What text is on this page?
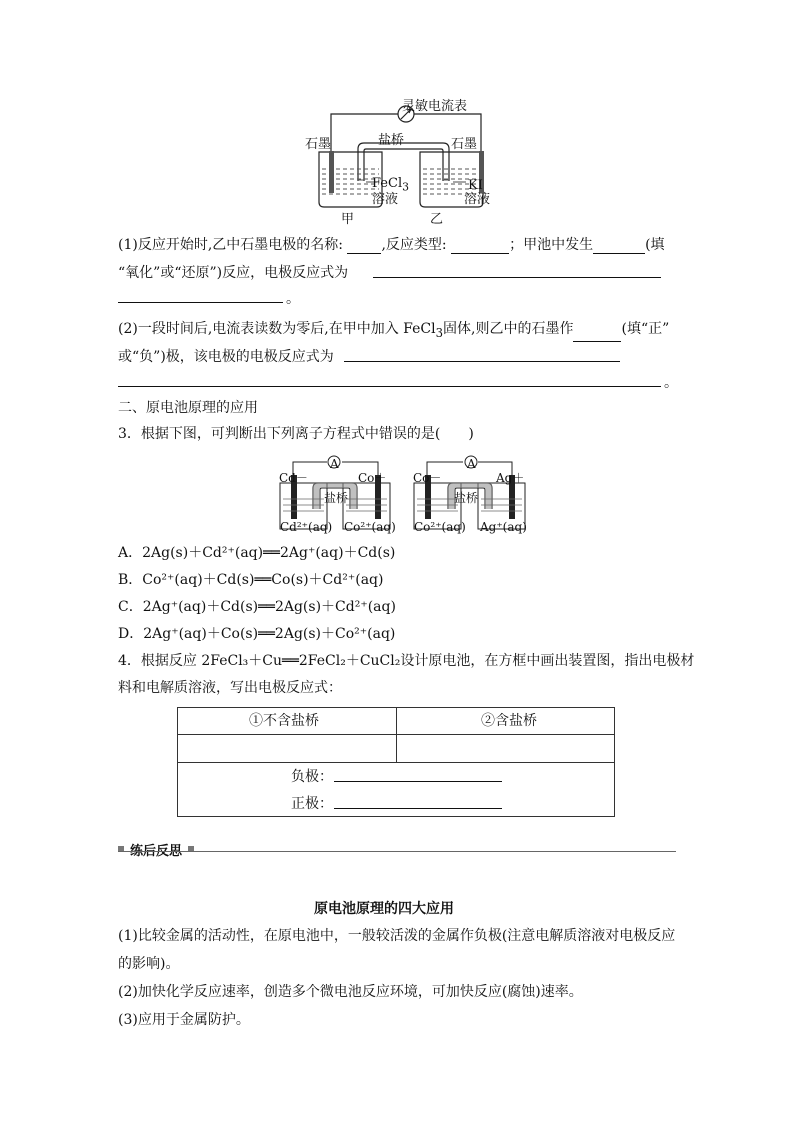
灵敏电流表
石墨	石墨
盐桥
FeCl$_3$
溶液
KI
溶液
甲	乙
(1)反应开始时,乙中石墨电极的名称: ,反应类型:	；甲池中发生	(填
“氧化”或“还原”)反应，电极反应式为
。
(2)一段时间后,电流表读数为零后,在甲中加入 FeCl$_3$固体,则乙中的石墨作	(填“正”
或“负”)极，该电极的电极反应式为
。
二、原电池原理的应用
3．根据下图，可判断出下列离子方程式中错误的是(　　)
Cd－
A
Co＋
盐桥
Cd²⁺(aq) Co²⁺(aq)
Co－
A
Ag＋
盐桥
Co²⁺(aq) Ag⁺(aq)
A．2Ag(s)＋Cd²⁺(aq)══2Ag⁺(aq)＋Cd(s)
B．Co²⁺(aq)＋Cd(s)══Co(s)＋Cd²⁺(aq)
C．2Ag⁺(aq)＋Cd(s)══2Ag(s)＋Cd²⁺(aq)
D．2Ag⁺(aq)＋Co(s)══2Ag(s)＋Co²⁺(aq)
4．根据反应 2FeCl₃＋Cu══2FeCl₂＋CuCl₂设计原电池，在方框中画出装置图，指出电极材
料和电解质溶液，写出电极反应式：
①不含盐桥	②含盐桥
负极：
正极：
练后反思
原电池原理的四大应用
(1)比较金属的活动性，在原电池中，一般较活泼的金属作负极(注意电解质溶液对电极反应
的影响)。
(2)加快化学反应速率，创造多个微电池反应环境，可加快反应(腐蚀)速率。
(3)应用于金属防护。
